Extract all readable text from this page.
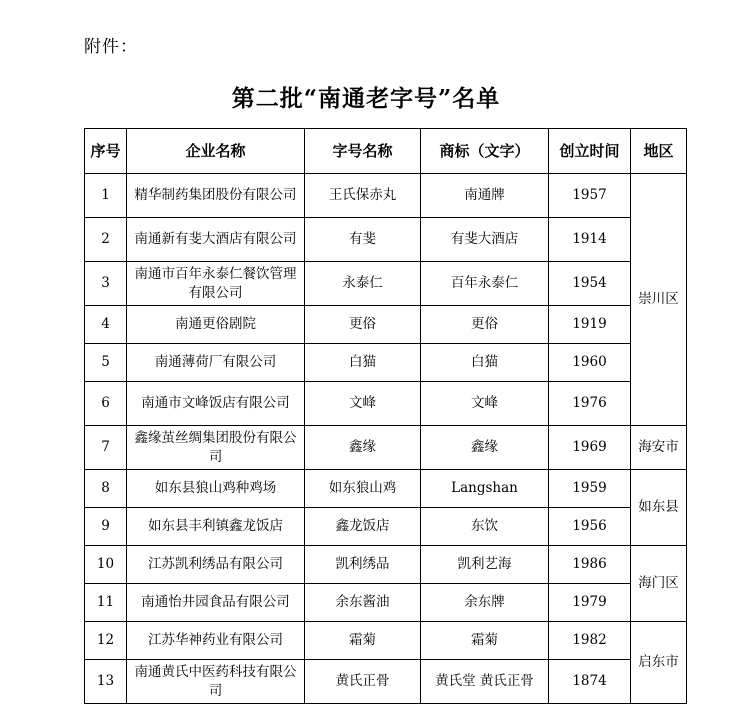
附件：
第二批“南通老字号”名单
序号	企业名称	字号名称	商标（文字）	创立时间	地区
1	精华制药集团股份有限公司	王氏保赤丸	南通牌	1957	崇川区
2	南通新有斐大酒店有限公司	有斐	有斐大酒店	1914	
3	南通市百年永泰仁餐饮管理有限公司	永泰仁	百年永泰仁	1954	
4	南通更俗剧院	更俗	更俗	1919	
5	南通薄荷厂有限公司	白猫	白猫	1960	
6	南通市文峰饭店有限公司	文峰	文峰	1976	
7	鑫缘茧丝绸集团股份有限公司	鑫缘	鑫缘	1969	海安市
8	如东县狼山鸡种鸡场	如东狼山鸡	Langshan	1959	如东县
9	如东县丰利镇鑫龙饭店	鑫龙饭店	东饮	1956	
10	江苏凯利绣品有限公司	凯利绣品	凯利艺海	1986	海门区
11	南通怡井园食品有限公司	余东酱油	余东牌	1979	
12	江苏华神药业有限公司	霜菊	霜菊	1982	启东市
13	南通黄氏中医药科技有限公司	黄氏正骨	黄氏堂 黄氏正骨	1874	
